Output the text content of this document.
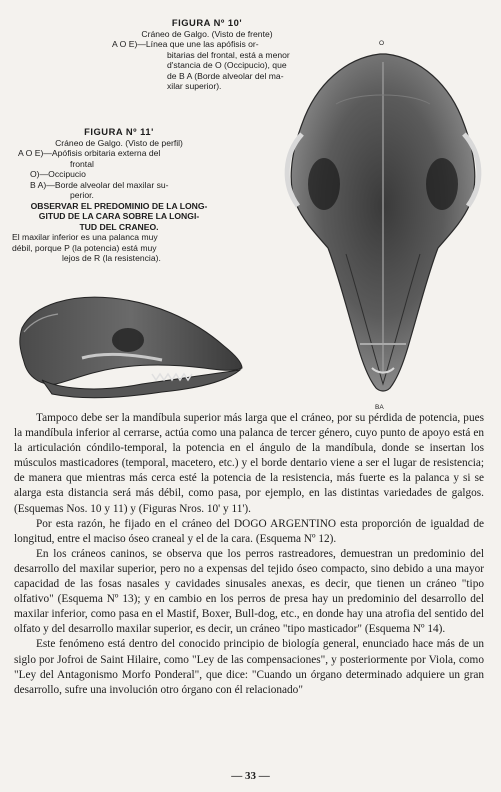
FIGURA Nº 10'
Cráneo de Galgo. (Visto de frente)
A O E)—Línea que une las apófisis or-
bitarias del frontal, está a menor
d'stancia de O (Occipucio), que
de B A (Borde alveolar del ma-
xilar superior).
FIGURA Nº 11'
Cráneo de Galgo. (Visto de perfil)
A O E)—Apófisis orbitaria externa del
frontal
O)—Occipucio
B A)—Borde alveolar del maxilar su-
perior.
OBSERVAR EL PREDOMINIO DE LA LONG-
GITUD DE LA CARA SOBRE LA LONGI-
TUD DEL CRANEO.
El maxilar inferior es una palanca muy
débil, porque P (la potencia) está muy
lejos de R (la resistencia).
O
BA

Tampoco debe ser la mandíbula superior más larga que el cráneo, por su pérdida de potencia, pues la mandíbula inferior al cerrarse, actúa como una palanca de tercer género, cuyo punto de apoyo está en la articulación cóndilo-temporal, la potencia en el ángulo de la mandíbula, donde se insertan los músculos masticadores (temporal, macetero, etc.) y el borde dentario viene a ser el lugar de resistencia; de manera que mientras más cerca esté la potencia de la resistencia, más fuerte es la palanca y si se alarga esta distancia será más débil, como pasa, por ejemplo, en las distintas variedades de galgos. (Esquemas Nos. 10 y 11) y (Figuras Nros. 10' y 11').

Por esta razón, he fijado en el cráneo del DOGO ARGENTINO esta proporción de igualdad de longitud, entre el maciso óseo craneal y el de la cara. (Esquema Nº 12).

En los cráneos caninos, se observa que los perros rastreadores, demuestran un predominio del desarrollo del maxilar superior, pero no a expensas del tejido óseo compacto, sino debido a una mayor capacidad de las fosas nasales y cavidades sinusales anexas, es decir, que tienen un cráneo "tipo olfativo" (Esquema Nº 13); y en cambio en los perros de presa hay un predominio del desarrollo del maxilar inferior, como pasa en el Mastif, Boxer, Bull-dog, etc., en donde hay una atrofia del sentido del olfato y del desarrollo maxilar superior, es decir, un cráneo "tipo masticador" (Esquema Nº 14).

Este fenómeno está dentro del conocido principio de biología general, enunciado hace más de un siglo por Jofroi de Saint Hilaire, como "Ley de las compensaciones", y posteriormente por Viola, como "Ley del Antagonismo Morfo Ponderal", que dice: "Cuando un órgano determinado adquiere un gran desarrollo, sufre una involución otro órgano con él relacionado"

— 33 —
